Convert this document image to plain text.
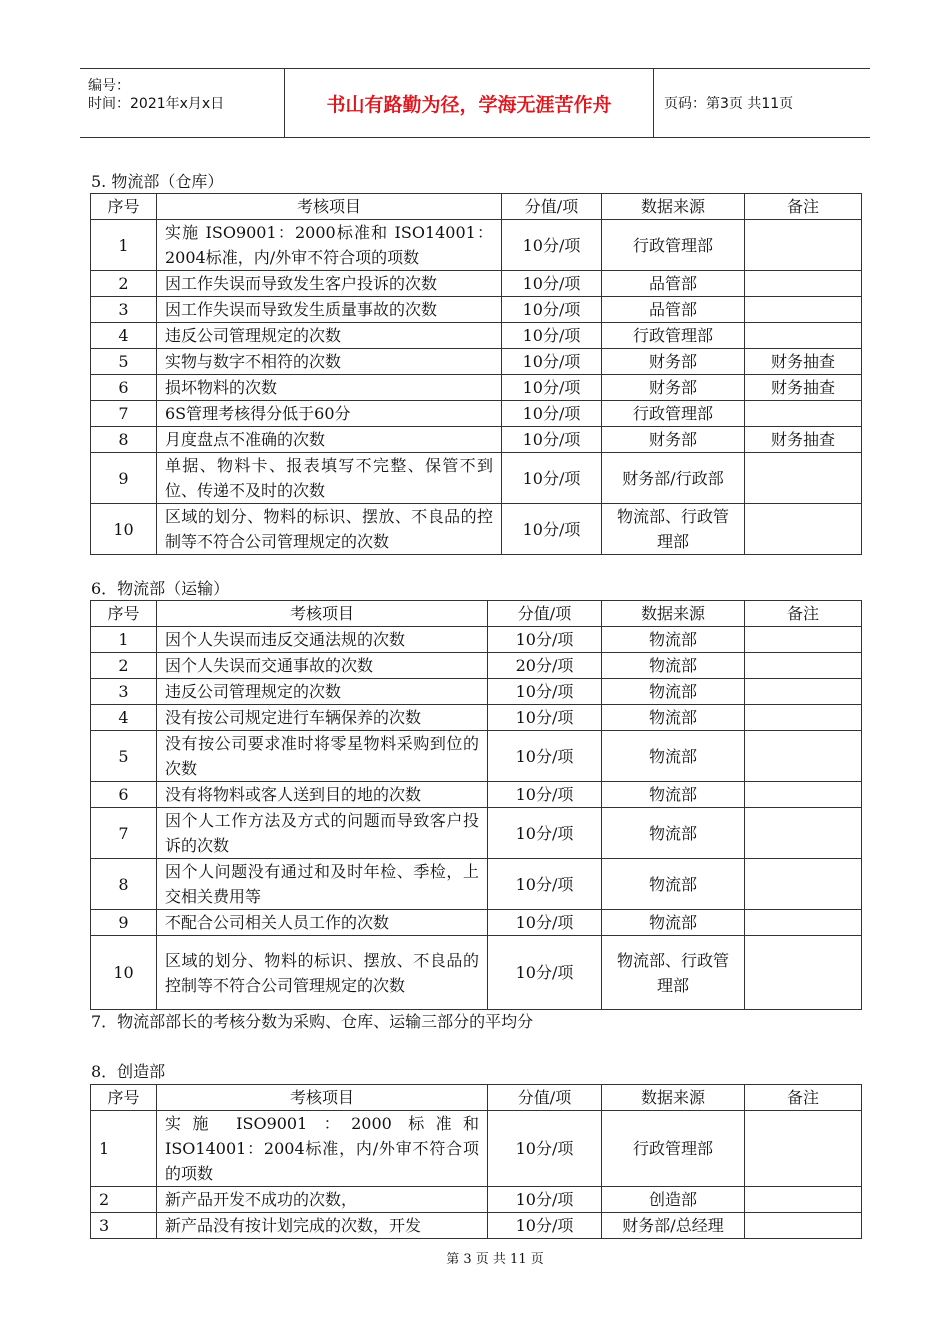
编号：
时间：2021年x月x日	书山有路勤为径，学海无涯苦作舟	页码：第3页 共11页
5. 物流部（仓库）
序号	考核项目	分值/项	数据来源	备注
1	实施 ISO9001：2000标准和 ISO14001：2004标准，内/外审不符合项的项数	10分/项	行政管理部	
2	因工作失误而导致发生客户投诉的次数	10分/项	品管部	
3	因工作失误而导致发生质量事故的次数	10分/项	品管部	
4	违反公司管理规定的次数	10分/项	行政管理部	
5	实物与数字不相符的次数	10分/项	财务部	财务抽查
6	损坏物料的次数	10分/项	财务部	财务抽查
7	6S管理考核得分低于60分	10分/项	行政管理部	
8	月度盘点不准确的次数	10分/项	财务部	财务抽查
9	单据、物料卡、报表填写不完整、保管不到位、传递不及时的次数	10分/项	财务部/行政部	
10	区域的划分、物料的标识、摆放、不良品的控制等不符合公司管理规定的次数	10分/项	物流部、行政管理部	
6．物流部（运输）
序号	考核项目	分值/项	数据来源	备注
1	因个人失误而违反交通法规的次数	10分/项	物流部	
2	因个人失误而交通事故的次数	20分/项	物流部	
3	违反公司管理规定的次数	10分/项	物流部	
4	没有按公司规定进行车辆保养的次数	10分/项	物流部	
5	没有按公司要求准时将零星物料采购到位的次数	10分/项	物流部	
6	没有将物料或客人送到目的地的次数	10分/项	物流部	
7	因个人工作方法及方式的问题而导致客户投诉的次数	10分/项	物流部	
8	因个人问题没有通过和及时年检、季检，上交相关费用等	10分/项	物流部	
9	不配合公司相关人员工作的次数	10分/项	物流部	
10	区域的划分、物料的标识、摆放、不良品的控制等不符合公司管理规定的次数	10分/项	物流部、行政管理部	
7．物流部部长的考核分数为采购、仓库、运输三部分的平均分
8．创造部
序号	考核项目	分值/项	数据来源	备注
1	实施 ISO9001 ：2000 标准和 ISO14001：2004标准，内/外审不符合项的项数	10分/项	行政管理部	
2	新产品开发不成功的次数，	10分/项	创造部	
3	新产品没有按计划完成的次数，开发	10分/项	财务部/总经理	
第 3 页 共 11 页
